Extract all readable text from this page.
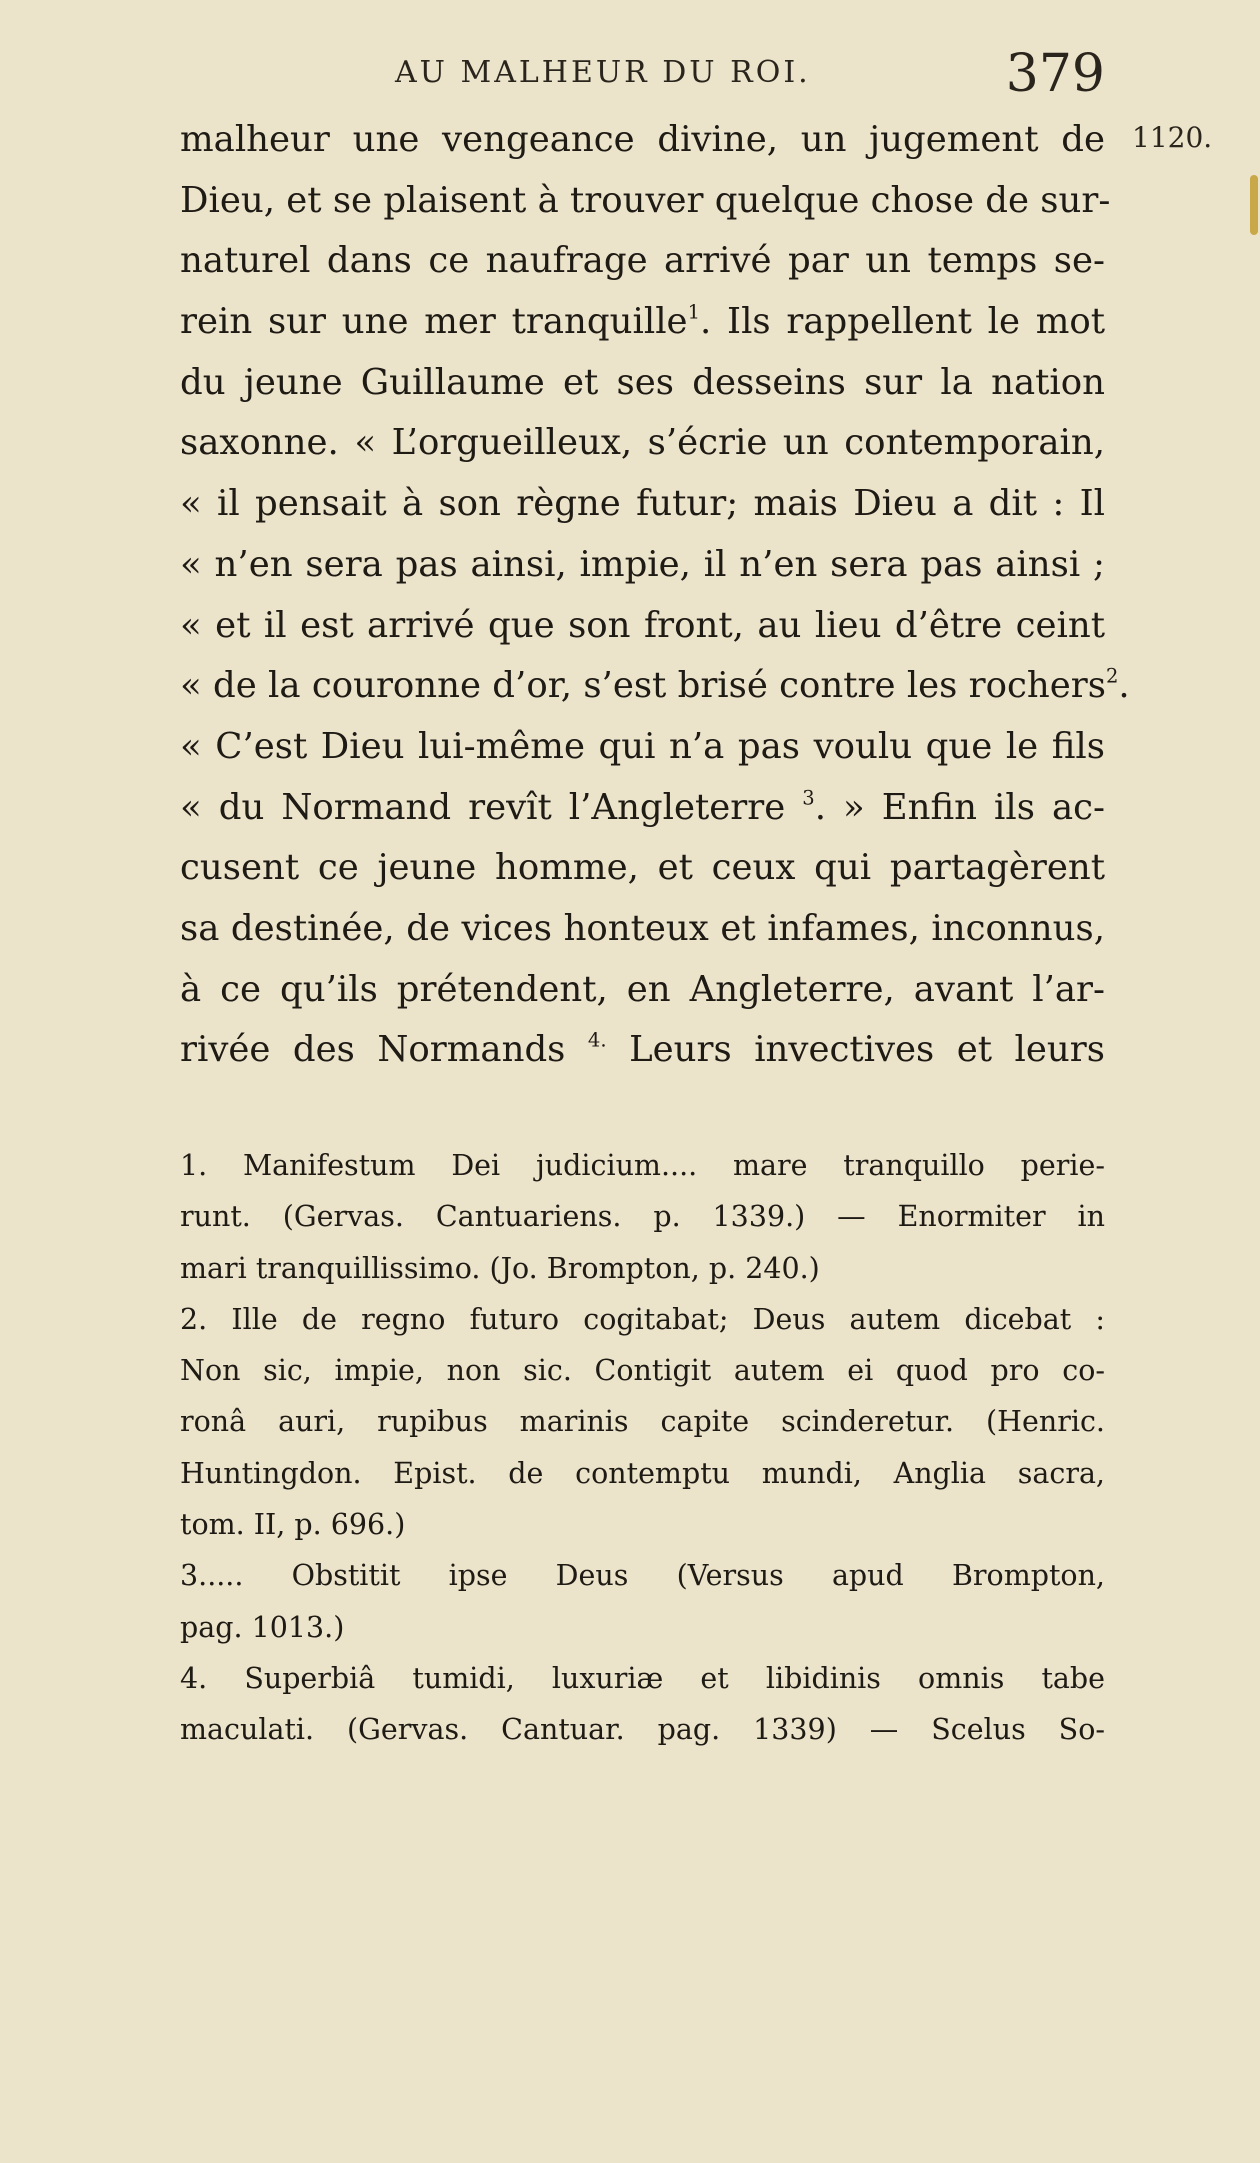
AU MALHEUR DU ROI.	379
1120.
malheur une vengeance divine, un jugement de
Dieu, et se plaisent à trouver quelque chose de sur-
naturel dans ce naufrage arrivé par un temps se-
rein sur une mer tranquille$^1$. Ils rappellent le mot
du jeune Guillaume et ses desseins sur la nation
saxonne. « L’orgueilleux, s’écrie un contemporain,
« il pensait à son règne futur; mais Dieu a dit : Il
« n’en sera pas ainsi, impie, il n’en sera pas ainsi ;
« et il est arrivé que son front, au lieu d’être ceint
« de la couronne d’or, s’est brisé contre les rochers$^2$.
« C’est Dieu lui-même qui n’a pas voulu que le fils
« du Normand revît l’Angleterre $^3$. » Enfin ils ac-
cusent ce jeune homme, et ceux qui partagèrent
sa destinée, de vices honteux et infames, inconnus,
à ce qu’ils prétendent, en Angleterre, avant l’ar-
rivée des Normands $^{4.}$ Leurs invectives et leurs
1. Manifestum Dei judicium.... mare tranquillo perie-
runt. (Gervas. Cantuariens. p. 1339.) — Enormiter in
mari tranquillissimo. (Jo. Brompton, p. 240.)
2. Ille de regno futuro cogitabat; Deus autem dicebat :
Non sic, impie, non sic. Contigit autem ei quod pro co-
ronâ auri, rupibus marinis capite scinderetur. (Henric.
Huntingdon. Epist. de contemptu mundi, Anglia sacra,
tom. II, p. 696.)
3..... Obstitit ipse Deus (Versus apud Brompton,
pag. 1013.)
4. Superbiâ tumidi, luxuriæ et libidinis omnis tabe
maculati. (Gervas. Cantuar. pag. 1339) — Scelus So-
